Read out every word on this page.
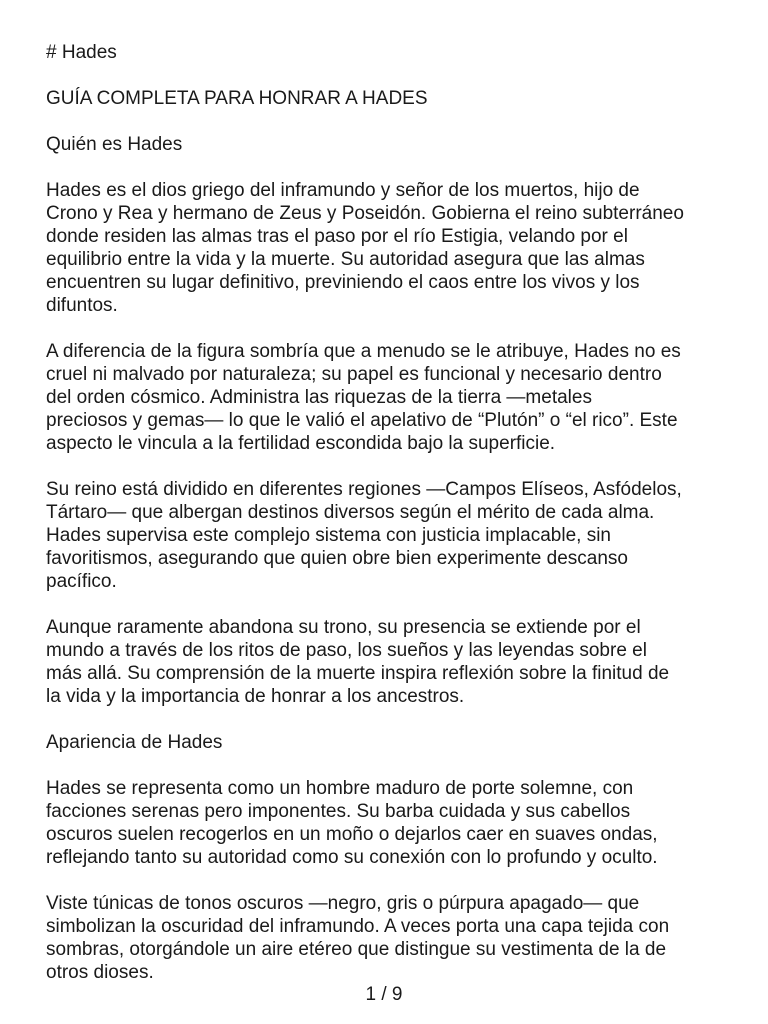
# Hades

GUÍA COMPLETA PARA HONRAR A HADES

Quién es Hades

Hades es el dios griego del inframundo y señor de los muertos, hijo de

Crono y Rea y hermano de Zeus y Poseidón. Gobierna el reino subterráneo

donde residen las almas tras el paso por el río Estigia, velando por el

equilibrio entre la vida y la muerte. Su autoridad asegura que las almas

encuentren su lugar definitivo, previniendo el caos entre los vivos y los

difuntos.

A diferencia de la figura sombría que a menudo se le atribuye, Hades no es

cruel ni malvado por naturaleza; su papel es funcional y necesario dentro

del orden cósmico. Administra las riquezas de la tierra —metales

preciosos y gemas— lo que le valió el apelativo de “Plutón” o “el rico”. Este

aspecto le vincula a la fertilidad escondida bajo la superficie.

Su reino está dividido en diferentes regiones —Campos Elíseos, Asfódelos,

Tártaro— que albergan destinos diversos según el mérito de cada alma.

Hades supervisa este complejo sistema con justicia implacable, sin

favoritismos, asegurando que quien obre bien experimente descanso

pacífico.

Aunque raramente abandona su trono, su presencia se extiende por el

mundo a través de los ritos de paso, los sueños y las leyendas sobre el

más allá. Su comprensión de la muerte inspira reflexión sobre la finitud de

la vida y la importancia de honrar a los ancestros.

Apariencia de Hades

Hades se representa como un hombre maduro de porte solemne, con

facciones serenas pero imponentes. Su barba cuidada y sus cabellos

oscuros suelen recogerlos en un moño o dejarlos caer en suaves ondas,

reflejando tanto su autoridad como su conexión con lo profundo y oculto.

Viste túnicas de tonos oscuros —negro, gris o púrpura apagado— que

simbolizan la oscuridad del inframundo. A veces porta una capa tejida con

sombras, otorgándole un aire etéreo que distingue su vestimenta de la de

otros dioses.

1 / 9
